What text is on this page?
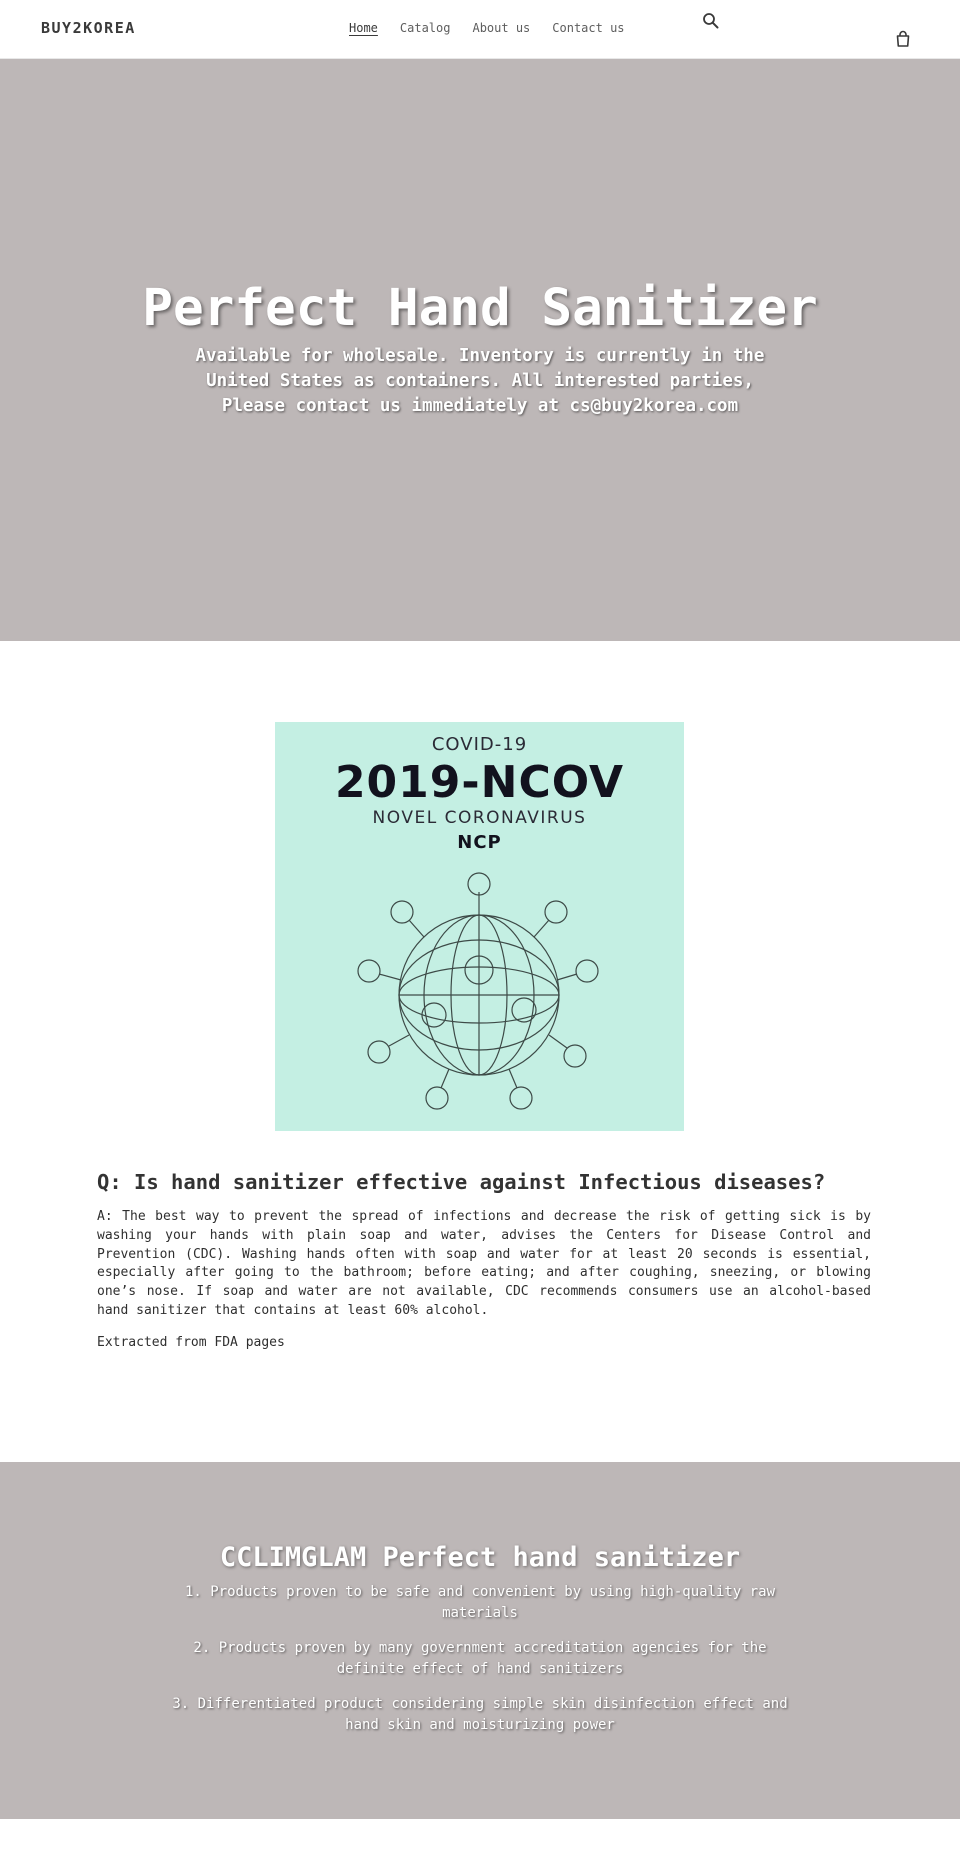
BUY2KOREA	Home Catalog About us Contact us
Perfect Hand Sanitizer

Available for wholesale. Inventory is currently in the United States as containers. All interested parties, Please contact us immediately at cs@buy2korea.com

COVID-19
2019-NCOV
NOVEL CORONAVIRUS
NCP
Q: Is hand sanitizer effective against Infectious diseases?

A: The best way to prevent the spread of infections and decrease the risk of getting sick is by washing your hands with plain soap and water, advises the Centers for Disease Control and Prevention (CDC). Washing hands often with soap and water for at least 20 seconds is essential, especially after going to the bathroom; before eating; and after coughing, sneezing, or blowing one’s nose. If soap and water are not available, CDC recommends consumers use an alcohol-based hand sanitizer that contains at least 60% alcohol.

Extracted from FDA pages

CCLIMGLAM Perfect hand sanitizer

1. Products proven to be safe and convenient by using high-quality raw materials

2. Products proven by many government accreditation agencies for the definite effect of hand sanitizers

3. Differentiated product considering simple skin disinfection effect and hand skin and moisturizing power
